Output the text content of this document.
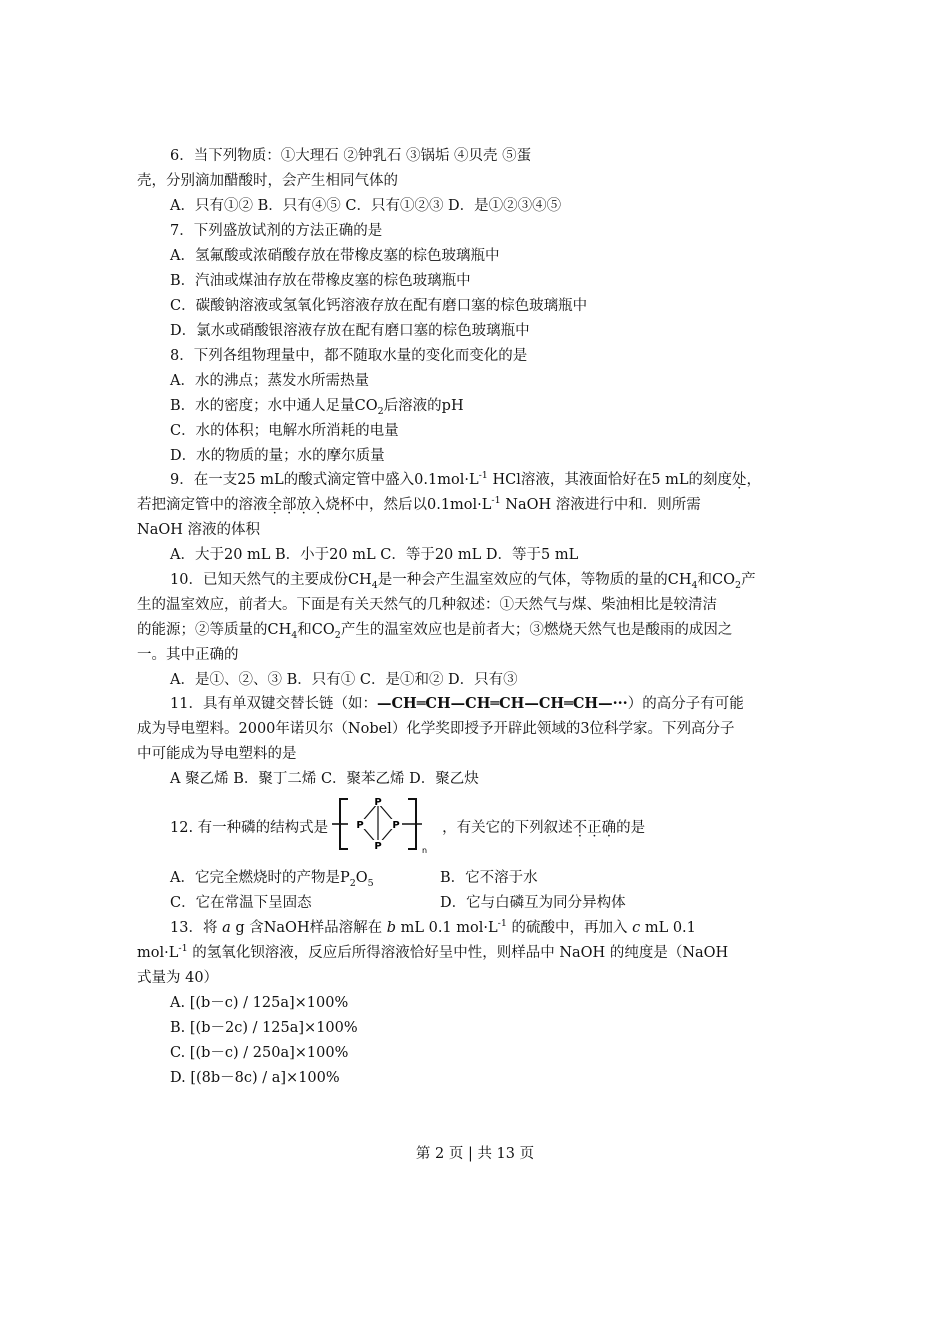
6．当下列物质：①大理石 ②钟乳石 ③锅垢 ④贝壳 ⑤蛋
壳，分别滴加醋酸时，会产生相同气体的
A．只有①② B．只有④⑤ C．只有①②③ D．是①②③④⑤
7．下列盛放试剂的方法正确的是
A．氢氟酸或浓硝酸存放在带橡皮塞的棕色玻璃瓶中
B．汽油或煤油存放在带橡皮塞的棕色玻璃瓶中
C．碳酸钠溶液或氢氧化钙溶液存放在配有磨口塞的棕色玻璃瓶中
D．氯水或硝酸银溶液存放在配有磨口塞的棕色玻璃瓶中
8．下列各组物理量中，都不随取水量的变化而变化的是
A．水的沸点；蒸发水所需热量
B．水的密度；水中通人足量$CO_2$后溶液的pH
C．水的体积；电解水所消耗的电量
D．水的物质的量；水的摩尔质量
9．在一支25 mL的酸式滴定管中盛入$0.1mol\cdot L^{-1}$ HCl溶液，其液面恰好在5 mL的刻度处，
若把滴定管中的溶液全部放入烧杯中，然后以$0.1mol\cdot L^{-1}$ NaOH 溶液进行中和．则所需
NaOH 溶液的体积
A．大于20 mL B．小于20 mL C．等于20 mL D．等于5 mL
10．已知天然气的主要成份$CH_4$是一种会产生温室效应的气体，等物质的量的$CH_4$和$CO_2$产
生的温室效应，前者大。下面是有关天然气的几种叙述：①天然气与煤、柴油相比是较清洁
的能源；②等质量的$CH_4$和$CO_2$产生的温室效应也是前者大；③燃烧天然气也是酸雨的成因之
一。其中正确的
A．是①、②、③ B．只有① C．是①和② D．只有③
11．具有单双键交替长链（如：—CH═CH—CH═CH—CH═CH—···）的高分子有可能
成为导电塑料。2000年诺贝尔（Nobel）化学奖即授予开辟此领域的3位科学家。下列高分子
中可能成为导电塑料的是
A 聚乙烯 B．聚丁二烯 C．聚苯乙烯 D．聚乙炔
12. 有一种磷的结构式是	P
P
P
P
n
，有关它的下列叙述不正确的是
A．它完全燃烧时的产物是$P_2O_5$	B．它不溶于水
C．它在常温下呈固态	D．它与白磷互为同分异构体
13．将 a g 含NaOH样品溶解在 b mL 0.1 $mol\cdot L^{-1}$ 的硫酸中，再加入 c mL 0.1
$mol\cdot L^{-1}$ 的氢氧化钡溶液，反应后所得溶液恰好呈中性，则样品中 NaOH 的纯度是（NaOH
式量为 40）
A. [(b－c) / 125a]×100%
B. [(b－2c) / 125a]×100%
C. [(b－c) / 250a]×100%
D. [(8b－8c) / a]×100%
第 2 页 | 共 13 页
